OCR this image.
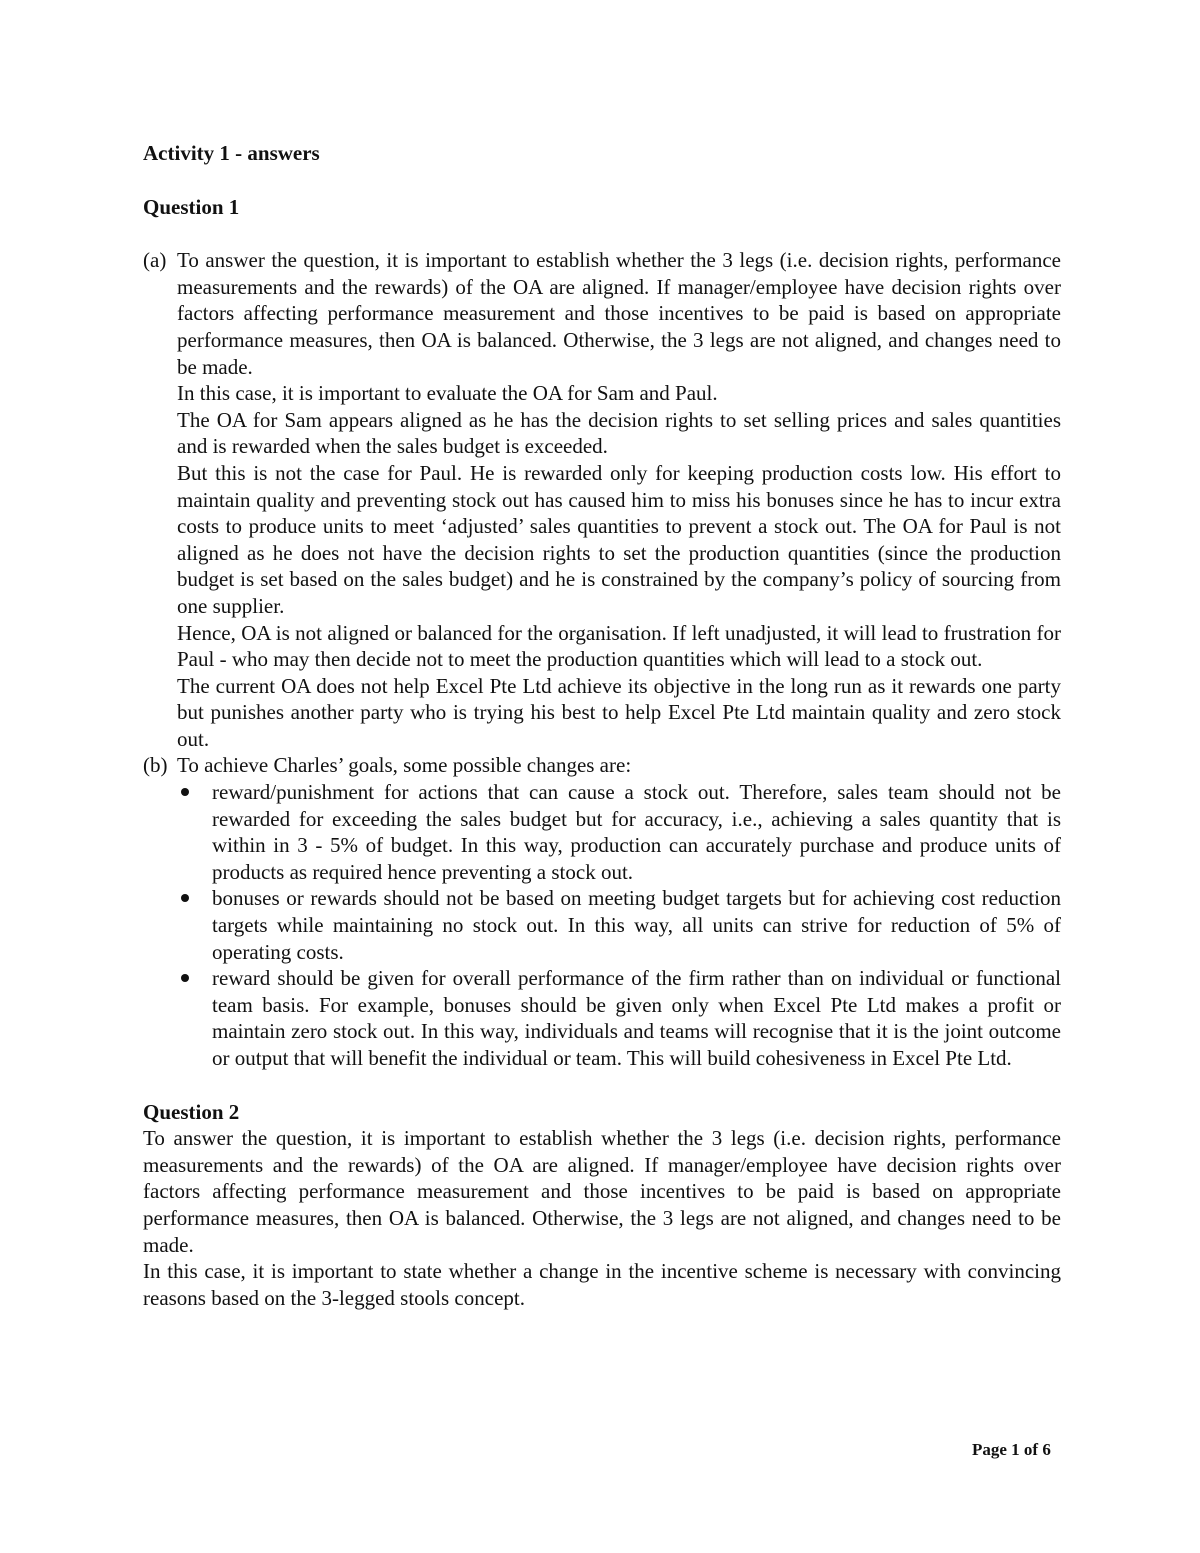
Activity 1 - answers
Question 1
(a) To answer the question, it is important to establish whether the 3 legs (i.e. decision rights, performance measurements and the rewards) of the OA are aligned. If manager/employee have decision rights over factors affecting performance measurement and those incentives to be paid is based on appropriate performance measures, then OA is balanced. Otherwise, the 3 legs are not aligned, and changes need to be made.

In this case, it is important to evaluate the OA for Sam and Paul.

The OA for Sam appears aligned as he has the decision rights to set selling prices and sales quantities and is rewarded when the sales budget is exceeded.

But this is not the case for Paul. He is rewarded only for keeping production costs low. His effort to maintain quality and preventing stock out has caused him to miss his bonuses since he has to incur extra costs to produce units to meet ‘adjusted’ sales quantities to prevent a stock out. The OA for Paul is not aligned as he does not have the decision rights to set the production quantities (since the production budget is set based on the sales budget) and he is constrained by the company’s policy of sourcing from one supplier.

Hence, OA is not aligned or balanced for the organisation. If left unadjusted, it will lead to frustration for Paul - who may then decide not to meet the production quantities which will lead to a stock out.

The current OA does not help Excel Pte Ltd achieve its objective in the long run as it rewards one party but punishes another party who is trying his best to help Excel Pte Ltd maintain quality and zero stock out.

(b) To achieve Charles’ goals, some possible changes are:

reward/punishment for actions that can cause a stock out. Therefore, sales team should not be rewarded for exceeding the sales budget but for accuracy, i.e., achieving a sales quantity that is within in 3 - 5% of budget. In this way, production can accurately purchase and produce units of products as required hence preventing a stock out.

bonuses or rewards should not be based on meeting budget targets but for achieving cost reduction targets while maintaining no stock out. In this way, all units can strive for reduction of 5% of operating costs.

reward should be given for overall performance of the firm rather than on individual or functional team basis. For example, bonuses should be given only when Excel Pte Ltd makes a profit or maintain zero stock out. In this way, individuals and teams will recognise that it is the joint outcome or output that will benefit the individual or team. This will build cohesiveness in Excel Pte Ltd.

Question 2

To answer the question, it is important to establish whether the 3 legs (i.e. decision rights, performance measurements and the rewards) of the OA are aligned. If manager/employee have decision rights over factors affecting performance measurement and those incentives to be paid is based on appropriate performance measures, then OA is balanced. Otherwise, the 3 legs are not aligned, and changes need to be made.

In this case, it is important to state whether a change in the incentive scheme is necessary with convincing reasons based on the 3-legged stools concept.

Page 1 of 6
